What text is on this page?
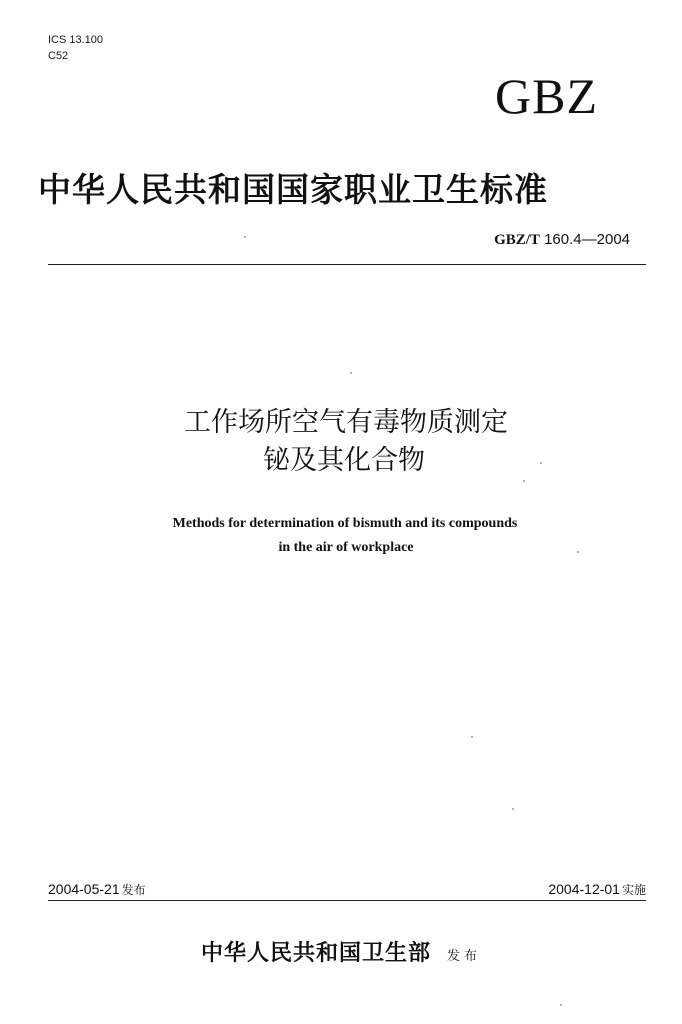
ICS 13.100
C52
GBZ
中华人民共和国国家职业卫生标准
GBZ/T 160.4—2004
工作场所空气有毒物质测定
铋及其化合物
Methods for determination of bismuth and its compounds
in the air of workplace
2004-05-21 发布	2004-12-01 实施
中华人民共和国卫生部 发布
